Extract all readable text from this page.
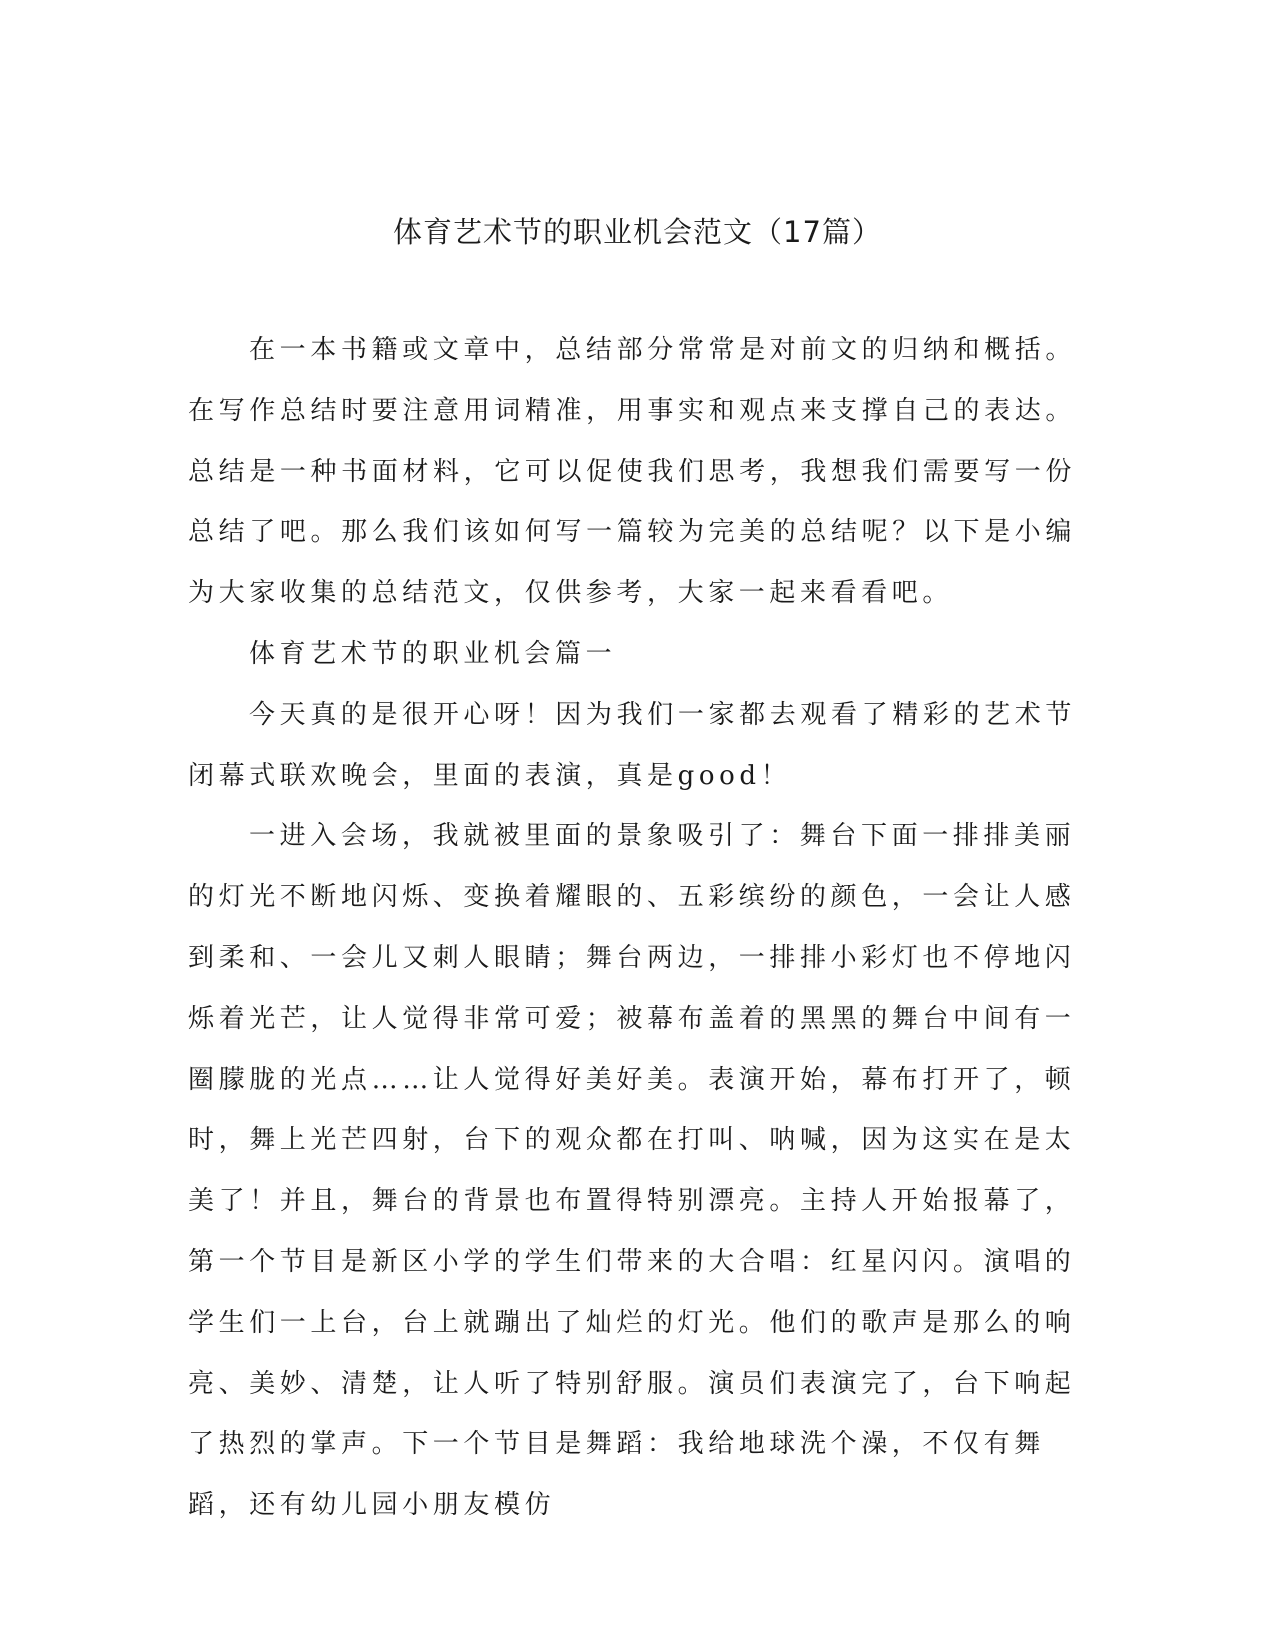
体育艺术节的职业机会范文（17篇）

在一本书籍或文章中，总结部分常常是对前文的归纳和概括。在写作总结时要注意用词精准，用事实和观点来支撑自己的表达。总结是一种书面材料，它可以促使我们思考，我想我们需要写一份总结了吧。那么我们该如何写一篇较为完美的总结呢？以下是小编为大家收集的总结范文，仅供参考，大家一起来看看吧。

体育艺术节的职业机会篇一

今天真的是很开心呀！因为我们一家都去观看了精彩的艺术节闭幕式联欢晚会，里面的表演，真是good！

一进入会场，我就被里面的景象吸引了：舞台下面一排排美丽的灯光不断地闪烁、变换着耀眼的、五彩缤纷的颜色，一会让人感到柔和、一会儿又刺人眼睛；舞台两边，一排排小彩灯也不停地闪烁着光芒，让人觉得非常可爱；被幕布盖着的黑黑的舞台中间有一圈朦胧的光点……让人觉得好美好美。表演开始，幕布打开了，顿时，舞上光芒四射，台下的观众都在打叫、呐喊，因为这实在是太美了！并且，舞台的背景也布置得特别漂亮。主持人开始报幕了，第一个节目是新区小学的学生们带来的大合唱：红星闪闪。演唱的学生们一上台，台上就蹦出了灿烂的灯光。他们的歌声是那么的响亮、美妙、清楚，让人听了特别舒服。演员们表演完了，台下响起了热烈的掌声。下一个节目是舞蹈：我给地球洗个澡，不仅有舞蹈，还有幼儿园小朋友模仿
